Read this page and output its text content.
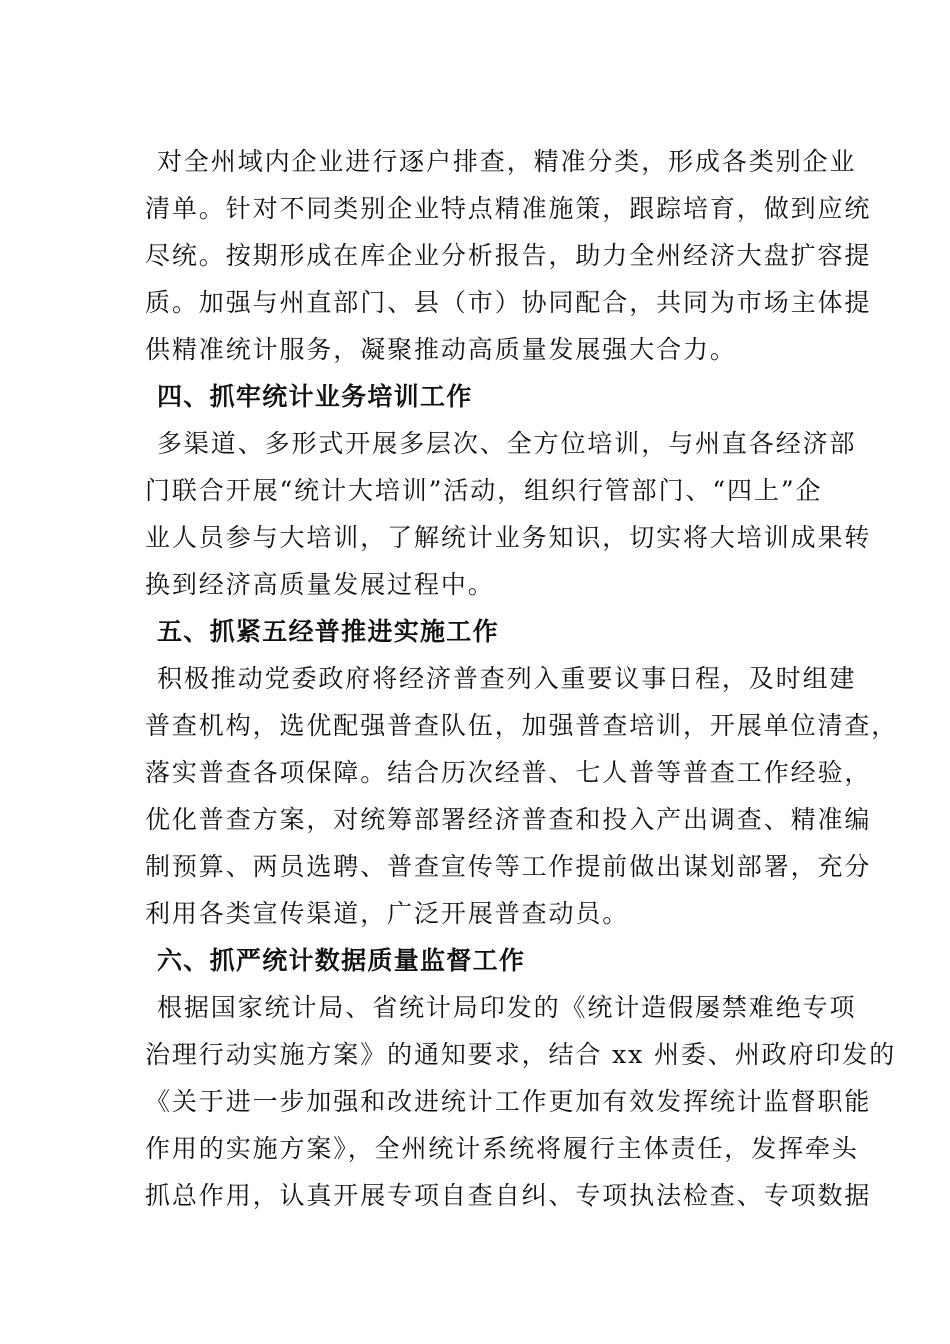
对全州域内企业进行逐户排查，精准分类，形成各类别企业
清单。针对不同类别企业特点精准施策，跟踪培育，做到应统
尽统。按期形成在库企业分析报告，助力全州经济大盘扩容提
质。加强与州直部门、县（市）协同配合，共同为市场主体提
供精准统计服务，凝聚推动高质量发展强大合力。
四、抓牢统计业务培训工作
多渠道、多形式开展多层次、全方位培训，与州直各经济部
门联合开展“统计大培训”活动，组织行管部门、“四上”企
业人员参与大培训，了解统计业务知识，切实将大培训成果转
换到经济高质量发展过程中。
五、抓紧五经普推进实施工作
积极推动党委政府将经济普查列入重要议事日程，及时组建
普查机构，选优配强普查队伍，加强普查培训，开展单位清查，
落实普查各项保障。结合历次经普、七人普等普查工作经验，
优化普查方案，对统筹部署经济普查和投入产出调查、精准编
制预算、两员选聘、普查宣传等工作提前做出谋划部署，充分
利用各类宣传渠道，广泛开展普查动员。
六、抓严统计数据质量监督工作
根据国家统计局、省统计局印发的《统计造假屡禁难绝专项
治理行动实施方案》的通知要求，结合 xx 州委、州政府印发的
《关于进一步加强和改进统计工作更加有效发挥统计监督职能
作用的实施方案》，全州统计系统将履行主体责任，发挥牵头
抓总作用，认真开展专项自查自纠、专项执法检查、专项数据
